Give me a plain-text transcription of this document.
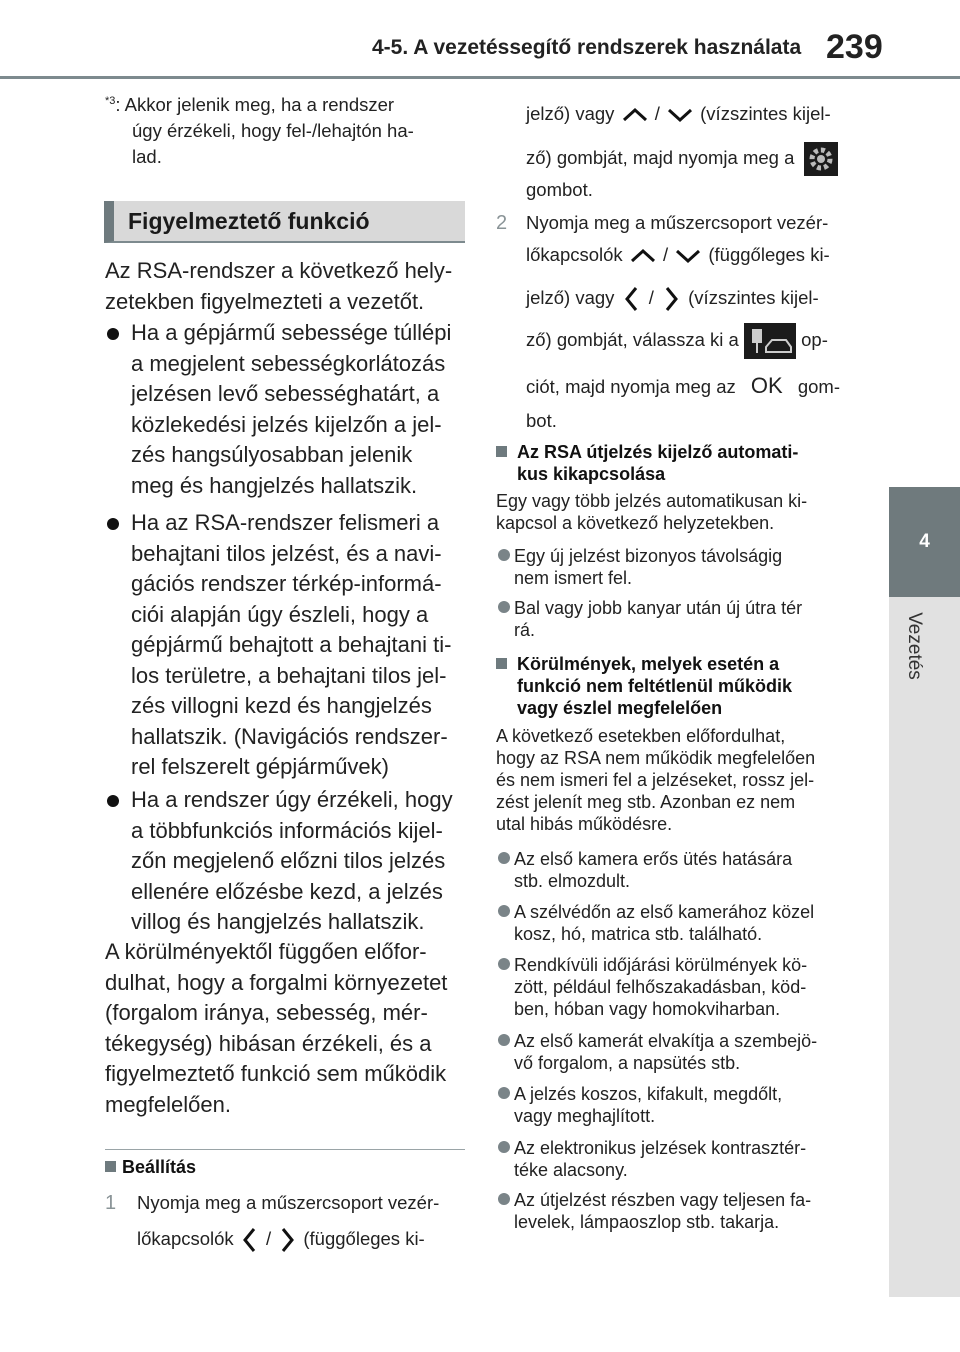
4-5. A vezetéssegítő rendszerek használata 239
4
Vezetés
$^{*3}$: Akkor jelenik meg, ha a rendszer
úgy érzékeli, hogy fel-/lehajtón ha-
lad.
Figyelmeztető funkció
Az RSA-rendszer a következő hely-
zetekben figyelmezteti a vezetőt.
Ha a gépjármű sebessége túllépi
a megjelent sebességkorlátozás
jelzésen levő sebességhatárt, a
közlekedési jelzés kijelzőn a jel-
zés hangsúlyosabban jelenik
meg és hangjelzés hallatszik.
Ha az RSA-rendszer felismeri a
behajtani tilos jelzést, és a navi-
gációs rendszer térkép-informá-
ciói alapján úgy észleli, hogy a
gépjármű behajtott a behajtani ti-
los területre, a behajtani tilos jel-
zés villogni kezd és hangjelzés
hallatszik. (Navigációs rendszer-
rel felszerelt gépjárművek)
Ha a rendszer úgy érzékeli, hogy
a többfunkciós információs kijel-
zőn megjelenő előzni tilos jelzés
ellenére előzésbe kezd, a jelzés
villog és hangjelzés hallatszik.
A körülményektől függően előfor-
dulhat, hogy a forgalmi környezetet
(forgalom iránya, sebesség, mér-
tékegység) hibásan érzékeli, és a
figyelmeztető funkció sem működik
megfelelően.
Beállítás
1 Nyomja meg a műszercsoport vezér-
lőkapcsolók / (függőleges ki-
jelző) vagy / (vízszintes kijel-
ző) gombját, majd nyomja meg a
gombot.
2 Nyomja meg a műszercsoport vezér-
lőkapcsolók / (függőleges ki-
jelző) vagy / (vízszintes kijel-
ző) gombját, válassza ki a	op-
ciót, majd nyomja meg az OK gom-
bot.
Az RSA útjelzés kijelző automati-
kus kikapcsolása
Egy vagy több jelzés automatikusan ki-
kapcsol a következő helyzetekben.
Egy új jelzést bizonyos távolságig
nem ismert fel.
Bal vagy jobb kanyar után új útra tér
rá.
Körülmények, melyek esetén a
funkció nem feltétlenül működik
vagy észlel megfelelően
A következő esetekben előfordulhat,
hogy az RSA nem működik megfelelően
és nem ismeri fel a jelzéseket, rossz jel-
zést jelenít meg stb. Azonban ez nem
utal hibás működésre.
Az első kamera erős ütés hatására
stb. elmozdult.
A szélvédőn az első kamerához közel
kosz, hó, matrica stb. található.
Rendkívüli időjárási körülmények kö-
zött, például felhőszakadásban, köd-
ben, hóban vagy homokviharban.
Az első kamerát elvakítja a szembejö-
vő forgalom, a napsütés stb.
A jelzés koszos, kifakult, megdőlt,
vagy meghajlított.
Az elektronikus jelzések kontrasztér-
téke alacsony.
Az útjelzést részben vagy teljesen fa-
levelek, lámpaoszlop stb. takarja.
